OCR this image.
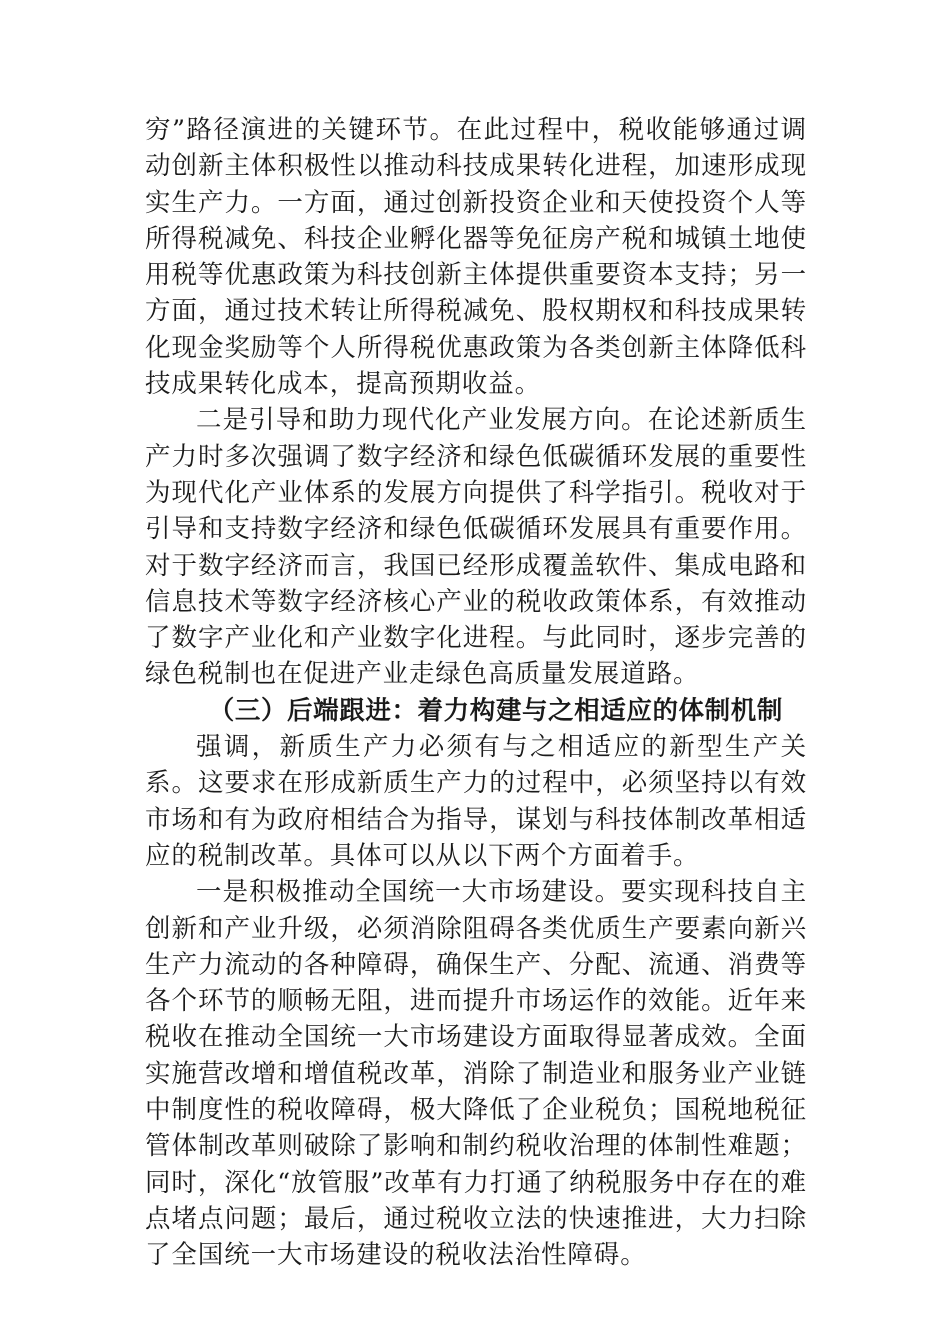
穷”路径演进的关键环节。在此过程中，税收能够通过调动创新主体积极性以推动科技成果转化进程，加速形成现实生产力。一方面，通过创新投资企业和天使投资个人等所得税减免、科技企业孵化器等免征房产税和城镇土地使用税等优惠政策为科技创新主体提供重要资本支持；另一方面，通过技术转让所得税减免、股权期权和科技成果转化现金奖励等个人所得税优惠政策为各类创新主体降低科技成果转化成本，提高预期收益。

二是引导和助力现代化产业发展方向。在论述新质生产力时多次强调了数字经济和绿色低碳循环发展的重要性为现代化产业体系的发展方向提供了科学指引。税收对于引导和支持数字经济和绿色低碳循环发展具有重要作用。对于数字经济而言，我国已经形成覆盖软件、集成电路和信息技术等数字经济核心产业的税收政策体系，有效推动了数字产业化和产业数字化进程。与此同时，逐步完善的绿色税制也在促进产业走绿色高质量发展道路。

（三）后端跟进：着力构建与之相适应的体制机制

强调，新质生产力必须有与之相适应的新型生产关系。这要求在形成新质生产力的过程中，必须坚持以有效市场和有为政府相结合为指导，谋划与科技体制改革相适应的税制改革。具体可以从以下两个方面着手。

一是积极推动全国统一大市场建设。要实现科技自主创新和产业升级，必须消除阻碍各类优质生产要素向新兴生产力流动的各种障碍，确保生产、分配、流通、消费等各个环节的顺畅无阻，进而提升市场运作的效能。近年来税收在推动全国统一大市场建设方面取得显著成效。全面实施营改增和增值税改革，消除了制造业和服务业产业链中制度性的税收障碍，极大降低了企业税负；国税地税征管体制改革则破除了影响和制约税收治理的体制性难题；同时，深化“放管服”改革有力打通了纳税服务中存在的难点堵点问题；最后，通过税收立法的快速推进，大力扫除了全国统一大市场建设的税收法治性障碍。
